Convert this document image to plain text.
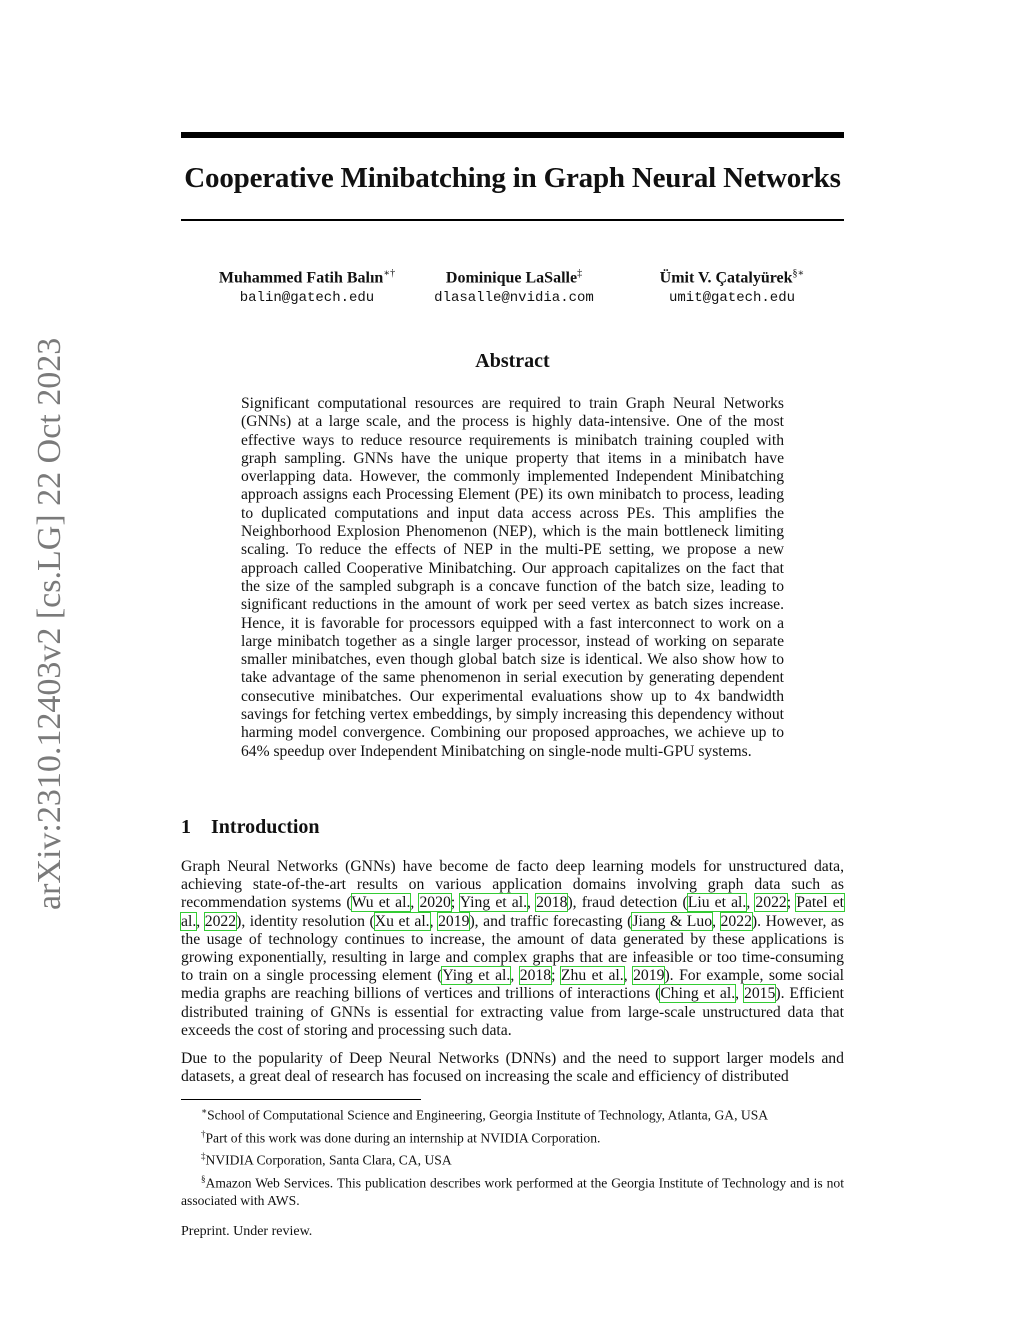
arXiv:2310.12403v2 [cs.LG] 22 Oct 2023
Cooperative Minibatching in Graph Neural Networks
Muhammed Fatih Balın∗†
balin@gatech.edu
Dominique LaSalle‡
dlasalle@nvidia.com
Ümit V. Çatalyürek§∗
umit@gatech.edu
Abstract
Significant computational resources are required to train Graph Neural Networks (GNNs) at a large scale, and the process is highly data-intensive. One of the most effective ways to reduce resource requirements is minibatch training coupled with graph sampling. GNNs have the unique property that items in a minibatch have overlapping data. However, the commonly implemented Independent Minibatching approach assigns each Processing Element (PE) its own minibatch to process, leading to duplicated computations and input data access across PEs. This amplifies the Neighborhood Explosion Phenomenon (NEP), which is the main bottleneck limiting scaling. To reduce the effects of NEP in the multi-PE setting, we propose a new approach called Cooperative Minibatching. Our approach capitalizes on the fact that the size of the sampled subgraph is a concave function of the batch size, leading to significant reductions in the amount of work per seed vertex as batch sizes increase. Hence, it is favorable for processors equipped with a fast interconnect to work on a large minibatch together as a single larger processor, instead of working on separate smaller minibatches, even though global batch size is identical. We also show how to take advantage of the same phenomenon in serial execution by generating dependent consecutive minibatches. Our experimental evaluations show up to 4x bandwidth savings for fetching vertex embeddings, by simply increasing this dependency without harming model convergence. Combining our proposed approaches, we achieve up to 64% speedup over Independent Minibatching on single-node multi-GPU systems.
1 Introduction
Graph Neural Networks (GNNs) have become de facto deep learning models for unstructured data, achieving state-of-the-art results on various application domains involving graph data such as recommendation systems (Wu et al., 2020; Ying et al., 2018), fraud detection (Liu et al., 2022; Patel et al., 2022), identity resolution (Xu et al., 2019), and traffic forecasting (Jiang & Luo, 2022). However, as the usage of technology continues to increase, the amount of data generated by these applications is growing exponentially, resulting in large and complex graphs that are infeasible or too time-consuming to train on a single processing element (Ying et al., 2018; Zhu et al., 2019). For example, some social media graphs are reaching billions of vertices and trillions of interactions (Ching et al., 2015). Efficient distributed training of GNNs is essential for extracting value from large-scale unstructured data that exceeds the cost of storing and processing such data.
Due to the popularity of Deep Neural Networks (DNNs) and the need to support larger models and datasets, a great deal of research has focused on increasing the scale and efficiency of distributed
∗School of Computational Science and Engineering, Georgia Institute of Technology, Atlanta, GA, USA
†Part of this work was done during an internship at NVIDIA Corporation.
‡NVIDIA Corporation, Santa Clara, CA, USA
§Amazon Web Services. This publication describes work performed at the Georgia Institute of Technology and is not associated with AWS.
Preprint. Under review.
